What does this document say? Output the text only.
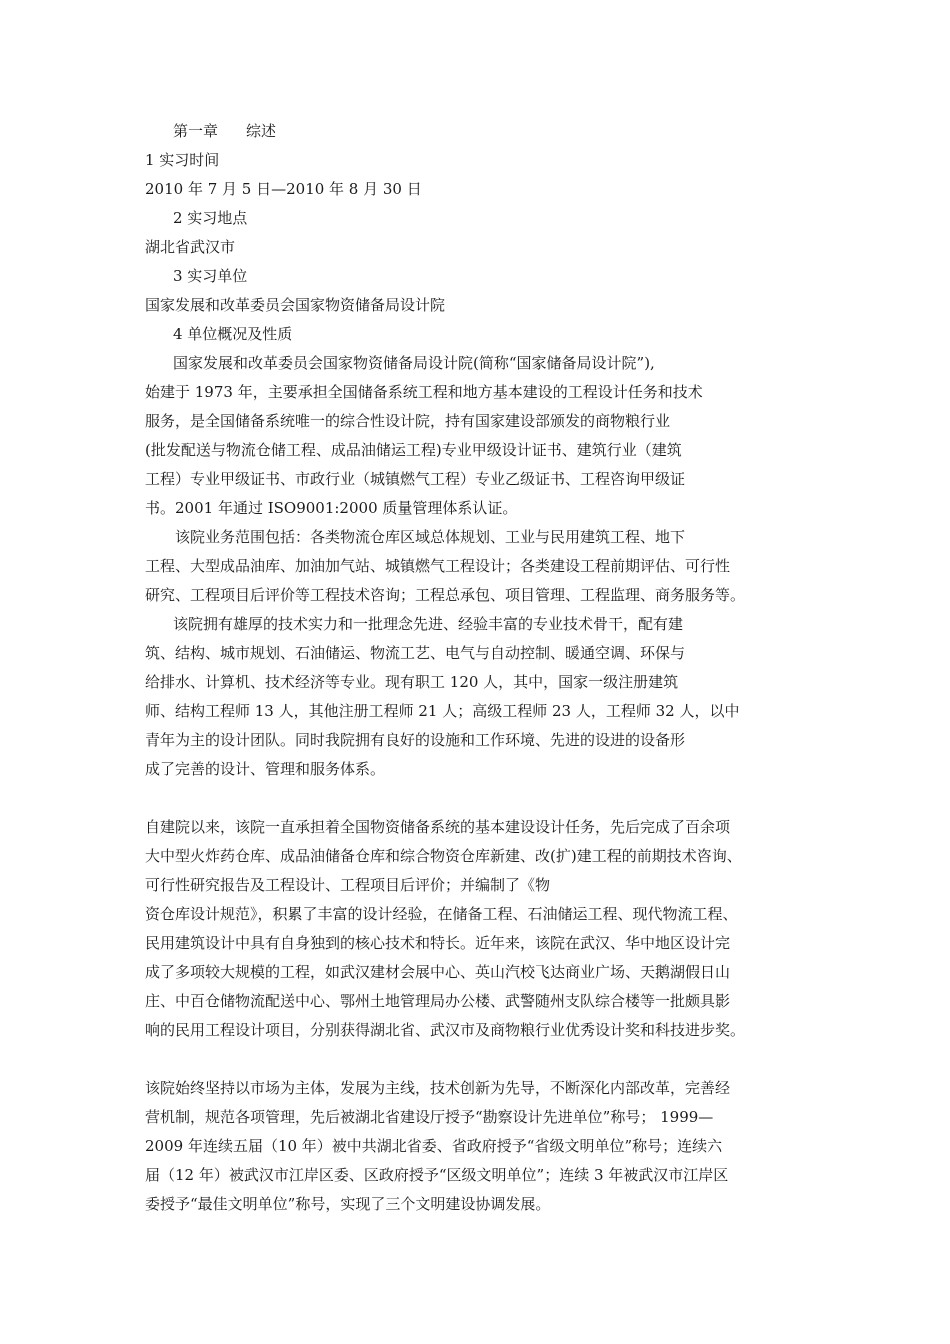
第一章 综述
1 实习时间
2010 年 7 月 5 日—2010 年 8 月 30 日
2 实习地点
湖北省武汉市
3 实习单位
国家发展和改革委员会国家物资储备局设计院
4 单位概况及性质
国家发展和改革委员会国家物资储备局设计院(简称“国家储备局设计院”),
始建于 1973 年，主要承担全国储备系统工程和地方基本建设的工程设计任务和技术
服务，是全国储备系统唯一的综合性设计院，持有国家建设部颁发的商物粮行业
(批发配送与物流仓储工程、成品油储运工程)专业甲级设计证书、建筑行业（建筑
工程）专业甲级证书、市政行业（城镇燃气工程）专业乙级证书、工程咨询甲级证
书。2001 年通过 ISO9001:2000 质量管理体系认证。
该院业务范围包括：各类物流仓库区域总体规划、工业与民用建筑工程、地下
工程、大型成品油库、加油加气站、城镇燃气工程设计；各类建设工程前期评估、可行性
研究、工程项目后评价等工程技术咨询；工程总承包、项目管理、工程监理、商务服务等。
该院拥有雄厚的技术实力和一批理念先进、经验丰富的专业技术骨干，配有建
筑、结构、城市规划、石油储运、物流工艺、电气与自动控制、暖通空调、环保与
给排水、计算机、技术经济等专业。现有职工 120 人，其中，国家一级注册建筑
师、结构工程师 13 人，其他注册工程师 21 人；高级工程师 23 人，工程师 32 人，以中
青年为主的设计团队。同时我院拥有良好的设施和工作环境、先进的设进的设备形
成了完善的设计、管理和服务体系。
自建院以来，该院一直承担着全国物资储备系统的基本建设设计任务，先后完成了百余项
大中型火炸药仓库、成品油储备仓库和综合物资仓库新建、改(扩)建工程的前期技术咨询、
可行性研究报告及工程设计、工程项目后评价；并编制了《物
资仓库设计规范》，积累了丰富的设计经验，在储备工程、石油储运工程、现代物流工程、
民用建筑设计中具有自身独到的核心技术和特长。近年来，该院在武汉、华中地区设计完
成了多项较大规模的工程，如武汉建材会展中心、英山汽校飞达商业广场、天鹅湖假日山
庄、中百仓储物流配送中心、鄂州土地管理局办公楼、武警随州支队综合楼等一批颇具影
响的民用工程设计项目，分别获得湖北省、武汉市及商物粮行业优秀设计奖和科技进步奖。
该院始终坚持以市场为主体，发展为主线，技术创新为先导，不断深化内部改革，完善经
营机制，规范各项管理，先后被湖北省建设厅授予“勘察设计先进单位”称号； 1999—
2009 年连续五届（10 年）被中共湖北省委、省政府授予“省级文明单位”称号；连续六
届（12 年）被武汉市江岸区委、区政府授予“区级文明单位”；连续 3 年被武汉市江岸区
委授予“最佳文明单位”称号，实现了三个文明建设协调发展。
